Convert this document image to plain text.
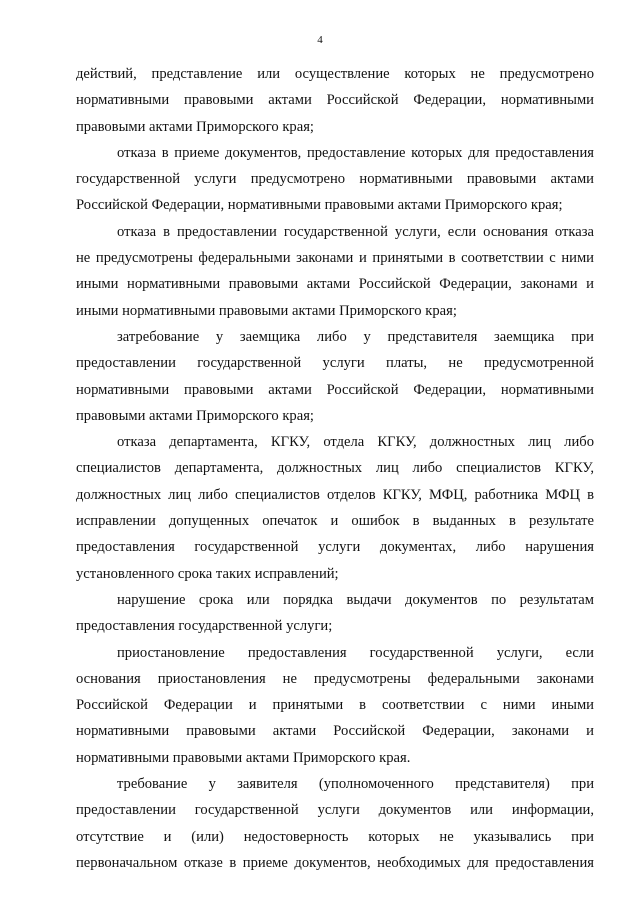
4
действий, представление или осуществление которых не предусмотрено
нормативными правовыми актами Российской Федерации, нормативными
правовыми актами Приморского края;
отказа в приеме документов, предоставление которых для предоставления
государственной услуги предусмотрено нормативными правовыми актами
Российской Федерации, нормативными правовыми актами Приморского края;
отказа в предоставлении государственной услуги, если основания отказа
не предусмотрены федеральными законами и принятыми в соответствии с ними
иными нормативными правовыми актами Российской Федерации, законами и
иными нормативными правовыми актами Приморского края;
затребование у заемщика либо у представителя заемщика при
предоставлении государственной услуги платы, не предусмотренной
нормативными правовыми актами Российской Федерации, нормативными
правовыми актами Приморского края;
отказа департамента, КГКУ, отдела КГКУ, должностных лиц либо
специалистов департамента, должностных лиц либо специалистов КГКУ,
должностных лиц либо специалистов отделов КГКУ, МФЦ, работника МФЦ в
исправлении допущенных опечаток и ошибок в выданных в результате
предоставления государственной услуги документах, либо нарушения
установленного срока таких исправлений;
нарушение срока или порядка выдачи документов по результатам
предоставления государственной услуги;
приостановление предоставления государственной услуги, если
основания приостановления не предусмотрены федеральными законами
Российской Федерации и принятыми в соответствии с ними иными
нормативными правовыми актами Российской Федерации, законами и
нормативными правовыми актами Приморского края.
требование у заявителя (уполномоченного представителя) при
предоставлении государственной услуги документов или информации,
отсутствие и (или) недостоверность которых не указывались при
первоначальном отказе в приеме документов, необходимых для предоставления
